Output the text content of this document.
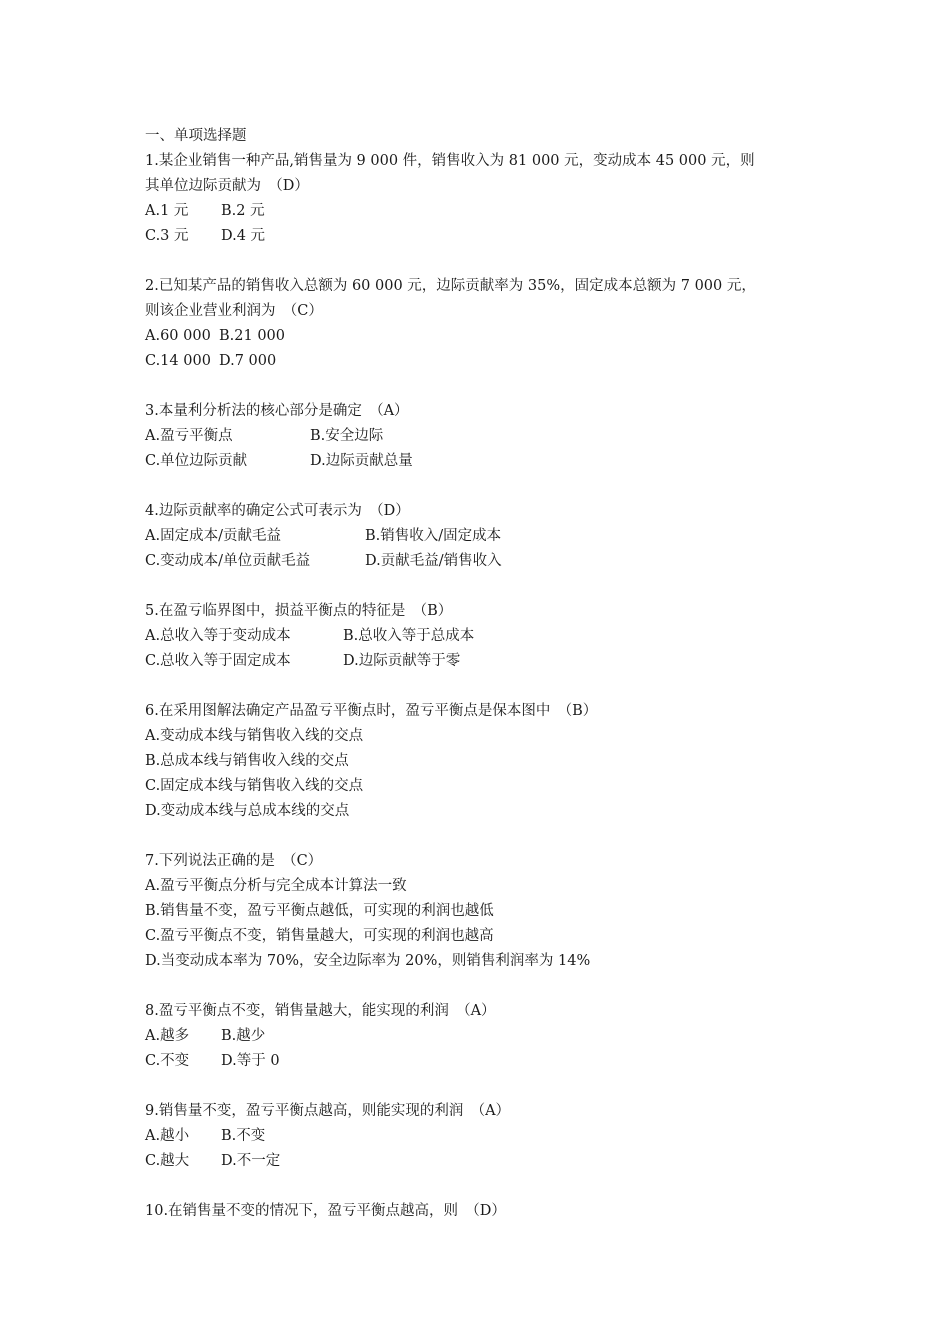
一、单项选择题
1.某企业销售一种产品,销售量为 9 000 件，销售收入为 81 000 元，变动成本 45 000 元，则
其单位边际贡献为　（D）
A.1 元 B.2 元
C.3 元 D.4 元
2.已知某产品的销售收入总额为 60 000 元，边际贡献率为 35%，固定成本总额为 7 000 元，
则该企业营业利润为　（C）
A.60 000 B.21 000
C.14 000 D.7 000
3.本量利分析法的核心部分是确定　（A）
A.盈亏平衡点	B.安全边际
C.单位边际贡献	D.边际贡献总量
4.边际贡献率的确定公式可表示为　（D）
A.固定成本/贡献毛益	B.销售收入/固定成本
C.变动成本/单位贡献毛益	D.贡献毛益/销售收入
5.在盈亏临界图中，损益平衡点的特征是　（B）
A.总收入等于变动成本	B.总收入等于总成本
C.总收入等于固定成本	D.边际贡献等于零
6.在采用图解法确定产品盈亏平衡点时，盈亏平衡点是保本图中　（B）
A.变动成本线与销售收入线的交点
B.总成本线与销售收入线的交点
C.固定成本线与销售收入线的交点
D.变动成本线与总成本线的交点
7.下列说法正确的是　（C）
A.盈亏平衡点分析与完全成本计算法一致
B.销售量不变，盈亏平衡点越低，可实现的利润也越低
C.盈亏平衡点不变，销售量越大，可实现的利润也越高
D.当变动成本率为 70%，安全边际率为 20%，则销售利润率为 14%
8.盈亏平衡点不变，销售量越大，能实现的利润　（A）
A.越多 B.越少
C.不变 D.等于 0
9.销售量不变，盈亏平衡点越高，则能实现的利润　（A）
A.越小 B.不变
C.越大 D.不一定
10.在销售量不变的情况下，盈亏平衡点越高，则　（D）
